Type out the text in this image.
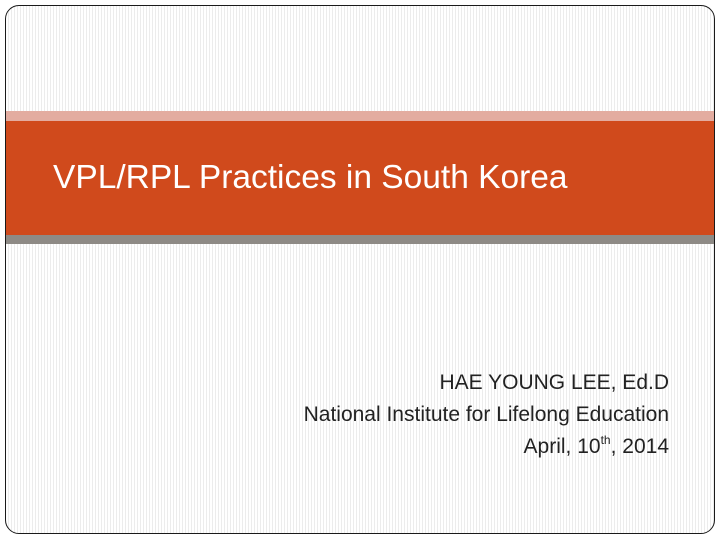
VPL/RPL Practices in South Korea
HAE YOUNG LEE, Ed.D
National Institute for Lifelong Education
April, 10th, 2014
